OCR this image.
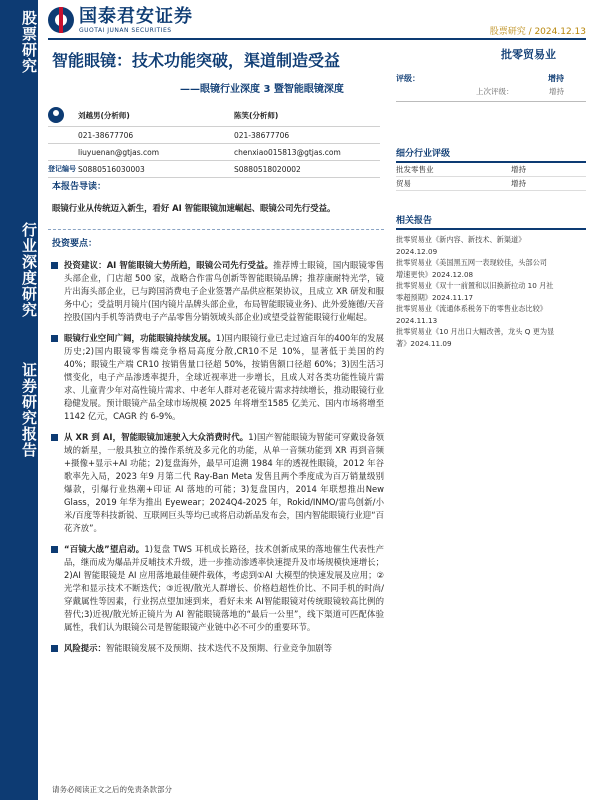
股票研究
行业深度研究
证券研究报告
国泰君安证券
GUOTAI JUNAN SECURITIES	股票研究 / 2024.12.13
智能眼镜：技术功能突破，渠道制造受益
——眼镜行业深度 3 暨智能眼镜深度
批零贸易业
刘越男(分析师)	陈笑(分析师)
021-38677706	021-38677706
liuyuenan@gtjas.com	chenxiao015813@gtjas.com
登记编号 S0880516030003	S0880518020002
评级：	增持
上次评级：	增持
细分行业评级
批发零售业	增持
贸易	增持
相关报告
批零贸易业《新内容、新技术、新渠道》
2024.12.09
批零贸易业《美国黑五网一表现较佳，头部公司
增速更快》2024.12.08
批零贸易业《双十一前置和以旧换新拉动 10 月社
零超预期》2024.11.17
批零贸易业《流通体系税务下的零售业态比较》
2024.11.13
批零贸易业《10 月出口大幅改善，龙头 Q 更为显
著》2024.11.09
本报告导读：
眼镜行业从传统迈入新生，看好 AI 智能眼镜加速崛起、眼镜公司先行受益。
投资要点：
投资建议：AI 智能眼镜大势所趋，眼镜公司先行受益。推荐博士眼镜，国内眼镜零售头部企业，门店超 500 家，战略合作雷鸟创新等智能眼镜品牌；推荐康耐特光学，镜片出海头部企业，已与跨国消费电子企业签署产品供应框架协议，且成立 XR 研发和服务中心；受益明月镜片(国内镜片品牌头部企业，布局智能眼镜业务)、此外爱施德/天音控股(国内手机等消费电子产品零售分销领域头部企业)或望受益智能眼镜行业崛起。
眼镜行业空间广阔，功能眼镜持续发展。1)国内眼镜行业已走过逾百年的400年的发展历史;2)国内眼镜零售端竞争格局高度分散,CR10不足 10%，显著低于美国的约 40%；眼镜生产端 CR10 按销售量口径超 50%，按销售额口径超 60%；3)因生活习惯变化，电子产品渗透率提升，全球近视率进一步增长，且成人对各类功能性镜片需求、儿童青少年对高性镜片需求、中老年人群对老花镜片需求持续增长，推动眼镜行业稳健发展。预计眼镜产品全球市场规模 2025 年将增至1585 亿美元、国内市场将增至 1142 亿元，CAGR 约 6-9%。
从 XR 到 AI，智能眼镜加速驶入大众消费时代。1)国产智能眼镜为智能可穿戴设备领域的新星，一般具独立的操作系统及多元化的功能，从单一音频功能到 XR 再到音频+摄像+显示+AI 功能；2)复盘海外，最早可追溯 1984 年的透视性眼镜，2012 年谷歌率先入局，2023 年9 月第二代 Ray-Ban Meta 发售且两个季度成为百万销量级别爆款，引爆行业热潮+印证 AI 落地的可能；3)复盘国内，2014 年联想推出New Glass，2019 年华为推出 Eyewear；2024Q4-2025 年，Rokid/INMO/雷鸟创新/小米/百度等科技新锐、互联网巨头等均已或将启动新品发布会，国内智能眼镜行业迎“百花齐放”。
“百镜大战”望启动。1)复盘 TWS 耳机成长路径，技术创新成果的落地催生代表性产品，继而成为爆品并反哺技术升级，进一步推动渗透率快速提升及市场规模快速增长；2)AI 智能眼镜是 AI 应用落地最佳硬件载体，考虑到①AI 大模型的快速发展及应用；②光学和显示技术不断迭代；③近视/散光人群增长、价格趋超性价比、不同手机的时尚/穿戴属性等因素，行业拐点望加速到来，看好未来 AI智能眼镜对传统眼镜较高比例的替代;3)近视/散光矫正镜片为 AI 智能眼镜落地的“最后一公里”，线下渠道可匹配体验属性，我们认为眼镜公司是智能眼镜产业链中必不可少的重要环节。
风险提示：智能眼镜发展不及预期、技术迭代不及预期、行业竞争加剧等
请务必阅读正文之后的免责条款部分
